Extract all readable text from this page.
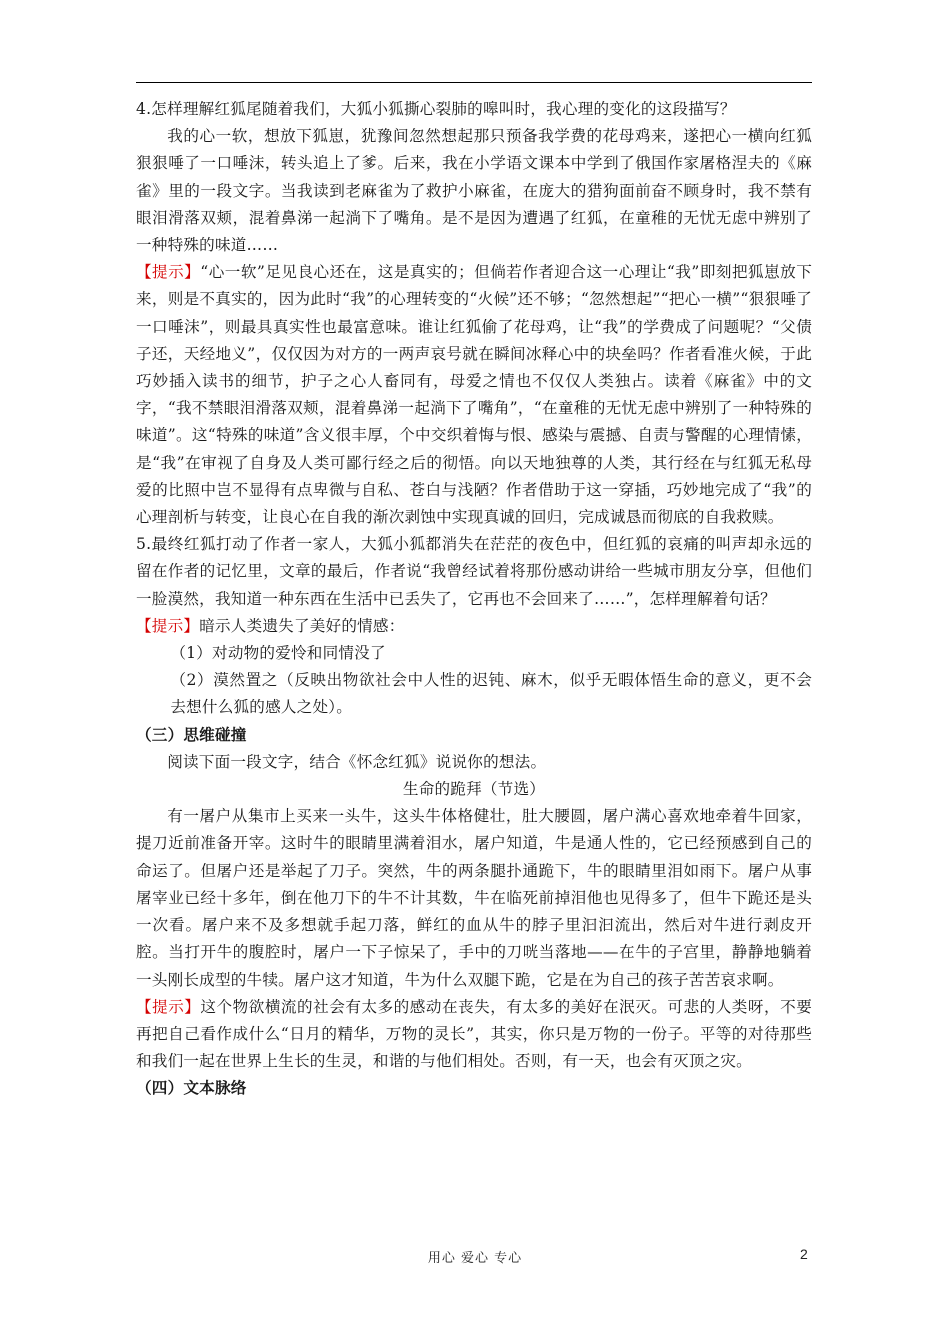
4.怎样理解红狐尾随着我们，大狐小狐撕心裂肺的嗥叫时，我心理的变化的这段描写？

我的心一软，想放下狐崽，犹豫间忽然想起那只预备我学费的花母鸡来，遂把心一横向红狐狠狠唾了一口唾沫，转头追上了爹。后来，我在小学语文课本中学到了俄国作家屠格涅夫的《麻雀》里的一段文字。当我读到老麻雀为了救护小麻雀，在庞大的猎狗面前奋不顾身时，我不禁有眼泪滑落双颊，混着鼻涕一起淌下了嘴角。是不是因为遭遇了红狐，在童稚的无忧无虑中辨别了一种特殊的味道……

【提示】“心一软”足见良心还在，这是真实的；但倘若作者迎合这一心理让“我”即刻把狐崽放下来，则是不真实的，因为此时“我”的心理转变的“火候”还不够；“忽然想起”“把心一横”“狠狠唾了一口唾沫”，则最具真实性也最富意味。谁让红狐偷了花母鸡，让“我”的学费成了问题呢？“父债子还，天经地义”，仅仅因为对方的一两声哀号就在瞬间冰释心中的块垒吗？作者看准火候，于此巧妙插入读书的细节，护子之心人畜同有，母爱之情也不仅仅人类独占。读着《麻雀》中的文字，“我不禁眼泪滑落双颊，混着鼻涕一起淌下了嘴角”，“在童稚的无忧无虑中辨别了一种特殊的味道”。这“特殊的味道”含义很丰厚，个中交织着悔与恨、感染与震撼、自责与警醒的心理情愫，是“我”在审视了自身及人类可鄙行经之后的彻悟。向以天地独尊的人类，其行经在与红狐无私母爱的比照中岂不显得有点卑微与自私、苍白与浅陋？作者借助于这一穿插，巧妙地完成了“我”的心理剖析与转变，让良心在自我的渐次剥蚀中实现真诚的回归，完成诚恳而彻底的自我救赎。

5.最终红狐打动了作者一家人，大狐小狐都消失在茫茫的夜色中，但红狐的哀痛的叫声却永远的留在作者的记忆里，文章的最后，作者说“我曾经试着将那份感动讲给一些城市朋友分享，但他们一脸漠然，我知道一种东西在生活中已丢失了，它再也不会回来了……”，怎样理解着句话？

【提示】暗示人类遗失了美好的情感：

（1）对动物的爱怜和同情没了

（2）漠然置之（反映出物欲社会中人性的迟钝、麻木，似乎无暇体悟生命的意义，更不会去想什么狐的感人之处）。

（三）思维碰撞

阅读下面一段文字，结合《怀念红狐》说说你的想法。

生命的跪拜（节选）

有一屠户从集市上买来一头牛，这头牛体格健壮，肚大腰圆，屠户满心喜欢地牵着牛回家，提刀近前准备开宰。这时牛的眼睛里满着泪水，屠户知道，牛是通人性的，它已经预感到自己的命运了。但屠户还是举起了刀子。突然，牛的两条腿扑通跪下，牛的眼睛里泪如雨下。屠户从事屠宰业已经十多年，倒在他刀下的牛不计其数，牛在临死前掉泪他也见得多了，但牛下跪还是头一次看。屠户来不及多想就手起刀落，鲜红的血从牛的脖子里汩汩流出，然后对牛进行剥皮开腔。当打开牛的腹腔时，屠户一下子惊呆了，手中的刀咣当落地——在牛的子宫里，静静地躺着一头刚长成型的牛犊。屠户这才知道，牛为什么双腿下跪，它是在为自己的孩子苦苦哀求啊。

【提示】这个物欲横流的社会有太多的感动在丧失，有太多的美好在泯灭。可悲的人类呀，不要再把自己看作成什么“日月的精华，万物的灵长”，其实，你只是万物的一份子。平等的对待那些和我们一起在世界上生长的生灵，和谐的与他们相处。否则，有一天，也会有灭顶之灾。

（四）文本脉络

用心 爱心 专心	2
